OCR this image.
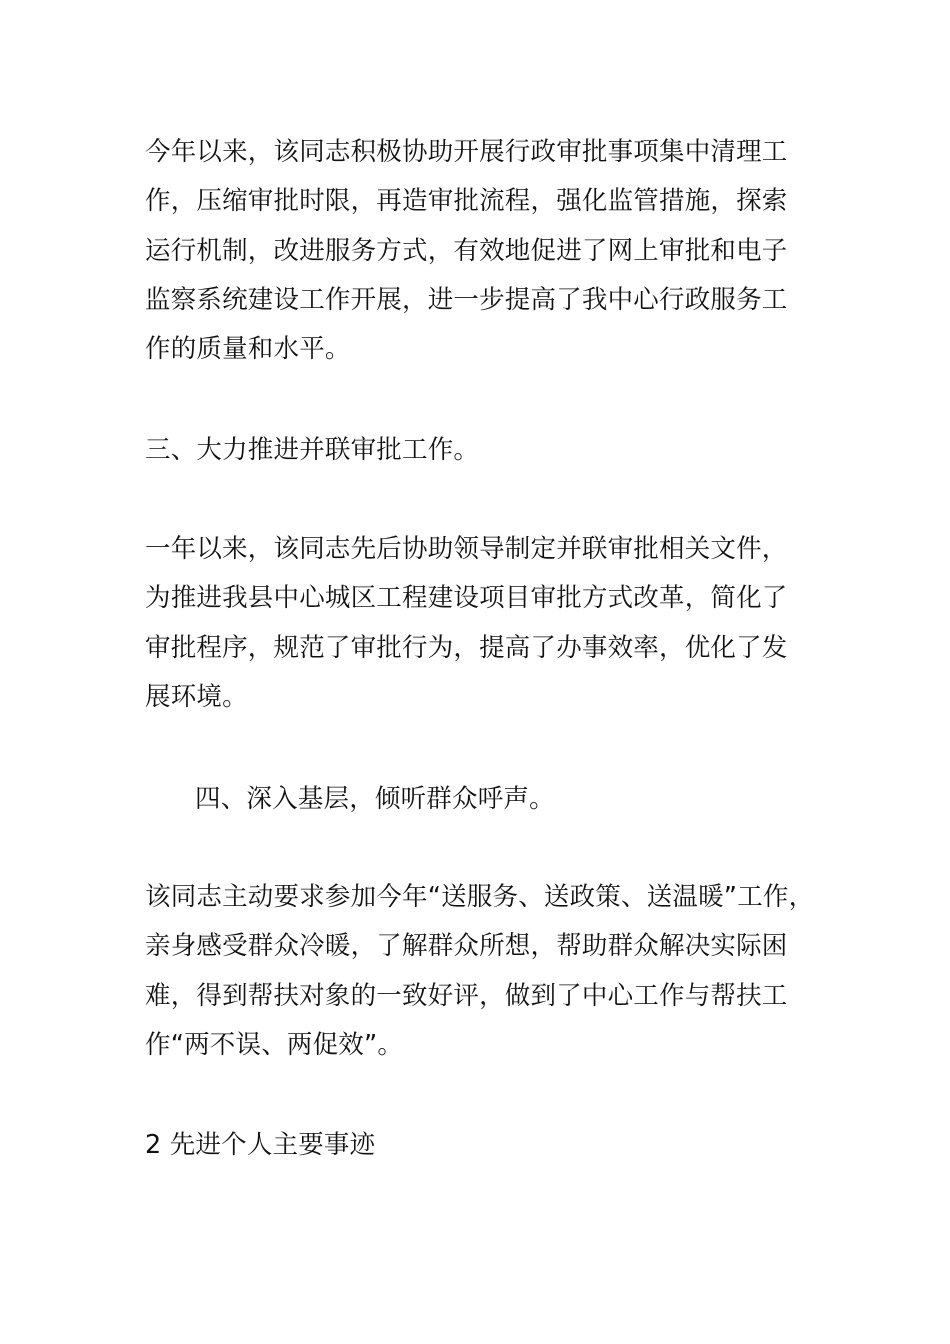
今年以来，该同志积极协助开展行政审批事项集中清理工
作，压缩审批时限，再造审批流程，强化监管措施，探索
运行机制，改进服务方式，有效地促进了网上审批和电子
监察系统建设工作开展，进一步提高了我中心行政服务工
作的质量和水平。
三、大力推进并联审批工作。
一年以来，该同志先后协助领导制定并联审批相关文件，
为推进我县中心城区工程建设项目审批方式改革，简化了
审批程序，规范了审批行为，提高了办事效率，优化了发
展环境。
四、深入基层，倾听群众呼声。
该同志主动要求参加今年“送服务、送政策、送温暖”工作，
亲身感受群众冷暖，了解群众所想，帮助群众解决实际困
难，得到帮扶对象的一致好评，做到了中心工作与帮扶工
作“两不误、两促效”。
2 先进个人主要事迹
